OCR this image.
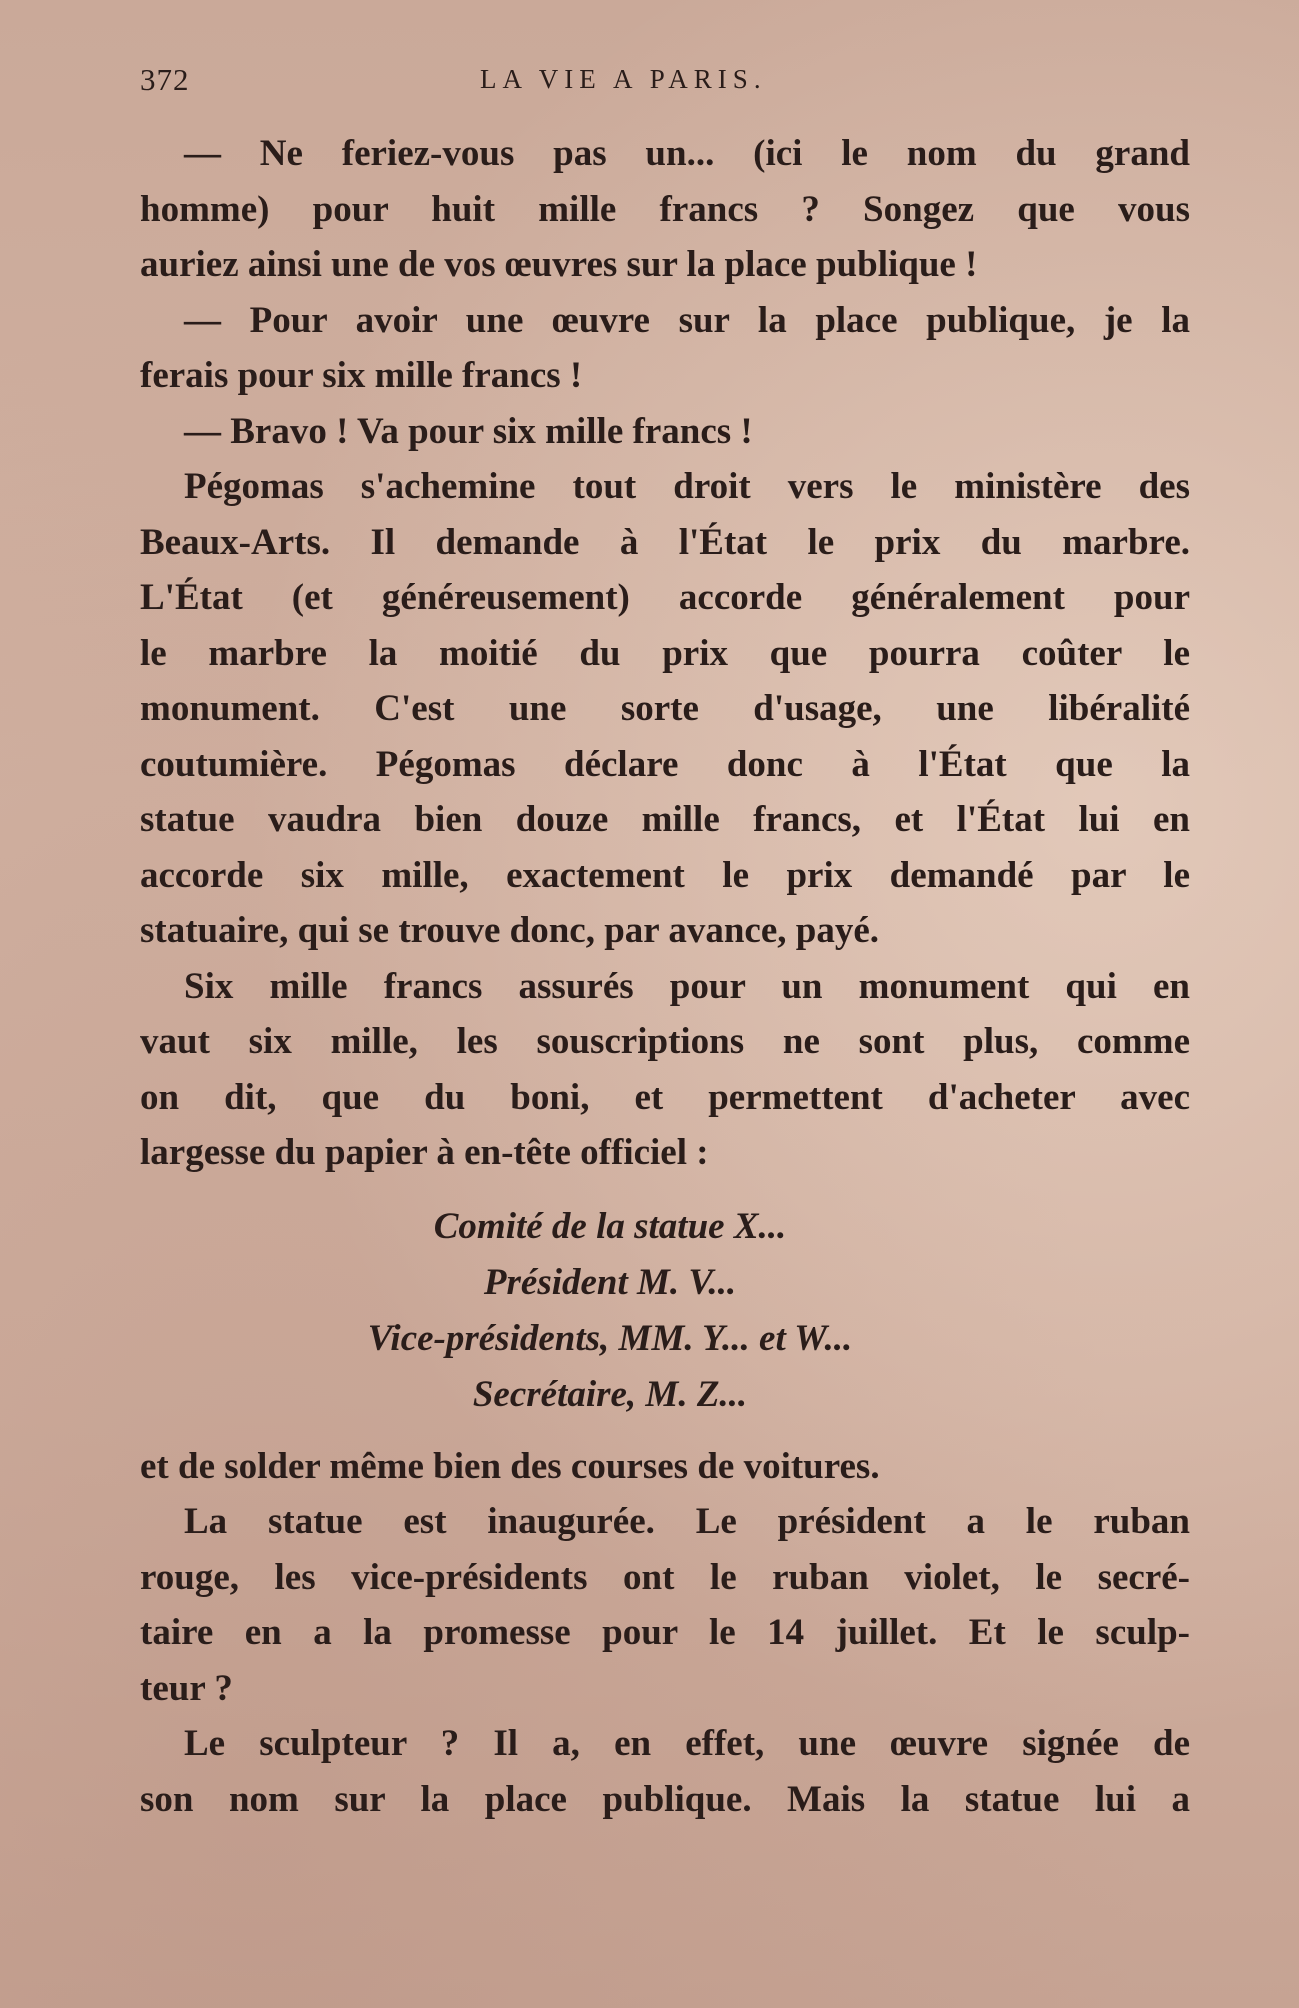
372	LA VIE A PARIS.
— Ne feriez-vous pas un... (ici le nom du grand
homme) pour huit mille francs ? Songez que vous
auriez ainsi une de vos œuvres sur la place publique !
— Pour avoir une œuvre sur la place publique, je la
ferais pour six mille francs !
— Bravo ! Va pour six mille francs !
Pégomas s'achemine tout droit vers le ministère des
Beaux-Arts. Il demande à l'État le prix du marbre.
L'État (et généreusement) accorde généralement pour
le marbre la moitié du prix que pourra coûter le
monument. C'est une sorte d'usage, une libéralité
coutumière. Pégomas déclare donc à l'État que la
statue vaudra bien douze mille francs, et l'État lui en
accorde six mille, exactement le prix demandé par le
statuaire, qui se trouve donc, par avance, payé.
Six mille francs assurés pour un monument qui en
vaut six mille, les souscriptions ne sont plus, comme
on dit, que du boni, et permettent d'acheter avec
largesse du papier à en-tête officiel :
Comité de la statue X...
Président M. V...
Vice-présidents, MM. Y... et W...
Secrétaire, M. Z...
et de solder même bien des courses de voitures.
La statue est inaugurée. Le président a le ruban
rouge, les vice-présidents ont le ruban violet, le secré-
taire en a la promesse pour le 14 juillet. Et le sculp-
teur ?
Le sculpteur ? Il a, en effet, une œuvre signée de
son nom sur la place publique. Mais la statue lui a
